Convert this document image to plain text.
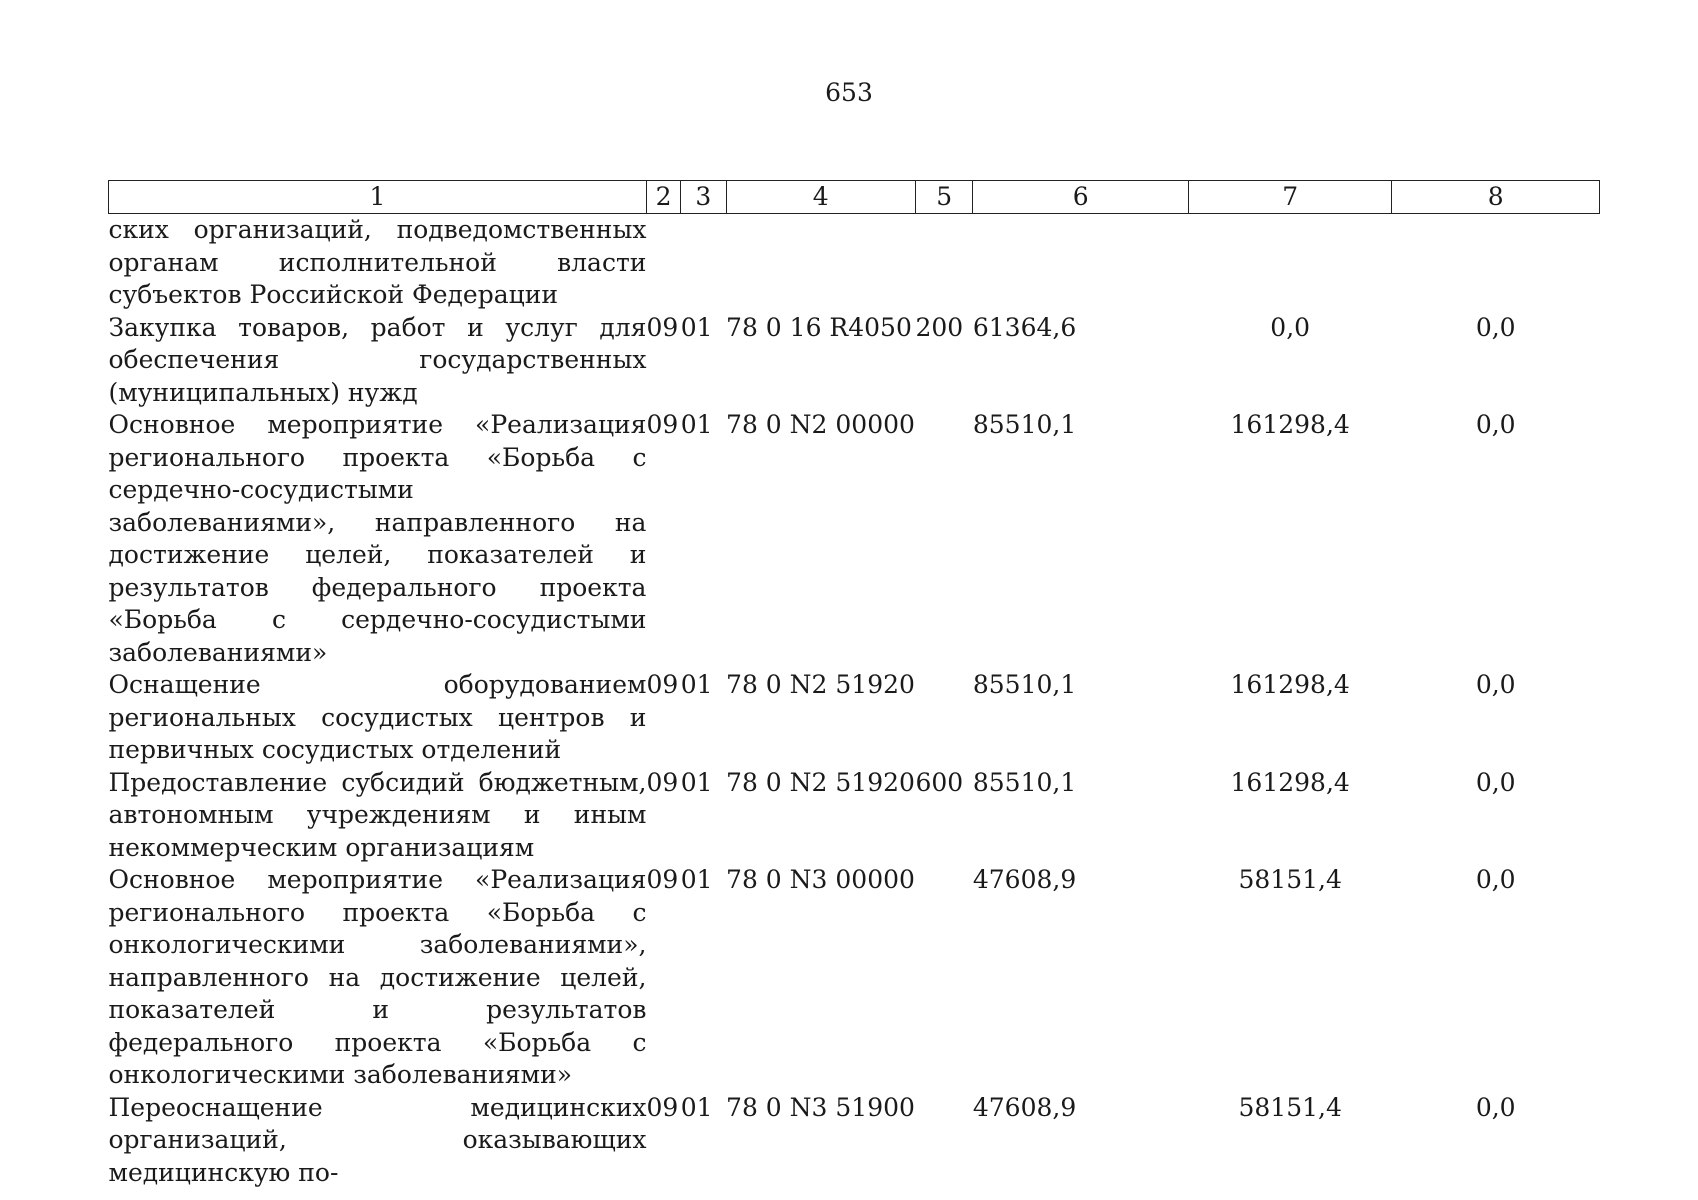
653
1	2	3	4	5	6	7	8
ских организаций, подведомственных органам исполнительной власти субъектов Российской Федерации							
Закупка товаров, работ и услуг для обеспечения государственных (муниципальных) нужд	09	01	78 0 16 R4050	200	61364,6	0,0	0,0
Основное мероприятие «Реализация регионального проекта «Борьба с сердечно-сосудистыми заболеваниями», направленного на достижение целей, показателей и результатов федерального проекта «Борьба с сердечно-сосудистыми заболеваниями»	09	01	78 0 N2 00000		85510,1	161298,4	0,0
Оснащение оборудованием региональных сосудистых центров и первичных сосудистых отделений	09	01	78 0 N2 51920		85510,1	161298,4	0,0
Предоставление субсидий бюджетным, автономным учреждениям и иным некоммерческим организациям	09	01	78 0 N2 51920	600	85510,1	161298,4	0,0
Основное мероприятие «Реализация регионального проекта «Борьба с онкологическими заболеваниями», направленного на достижение целей, показателей и результатов федерального проекта «Борьба с онкологическими заболеваниями»	09	01	78 0 N3 00000		47608,9	58151,4	0,0
Переоснащение медицинских организаций, оказывающих медицинскую по-	09	01	78 0 N3 51900		47608,9	58151,4	0,0
